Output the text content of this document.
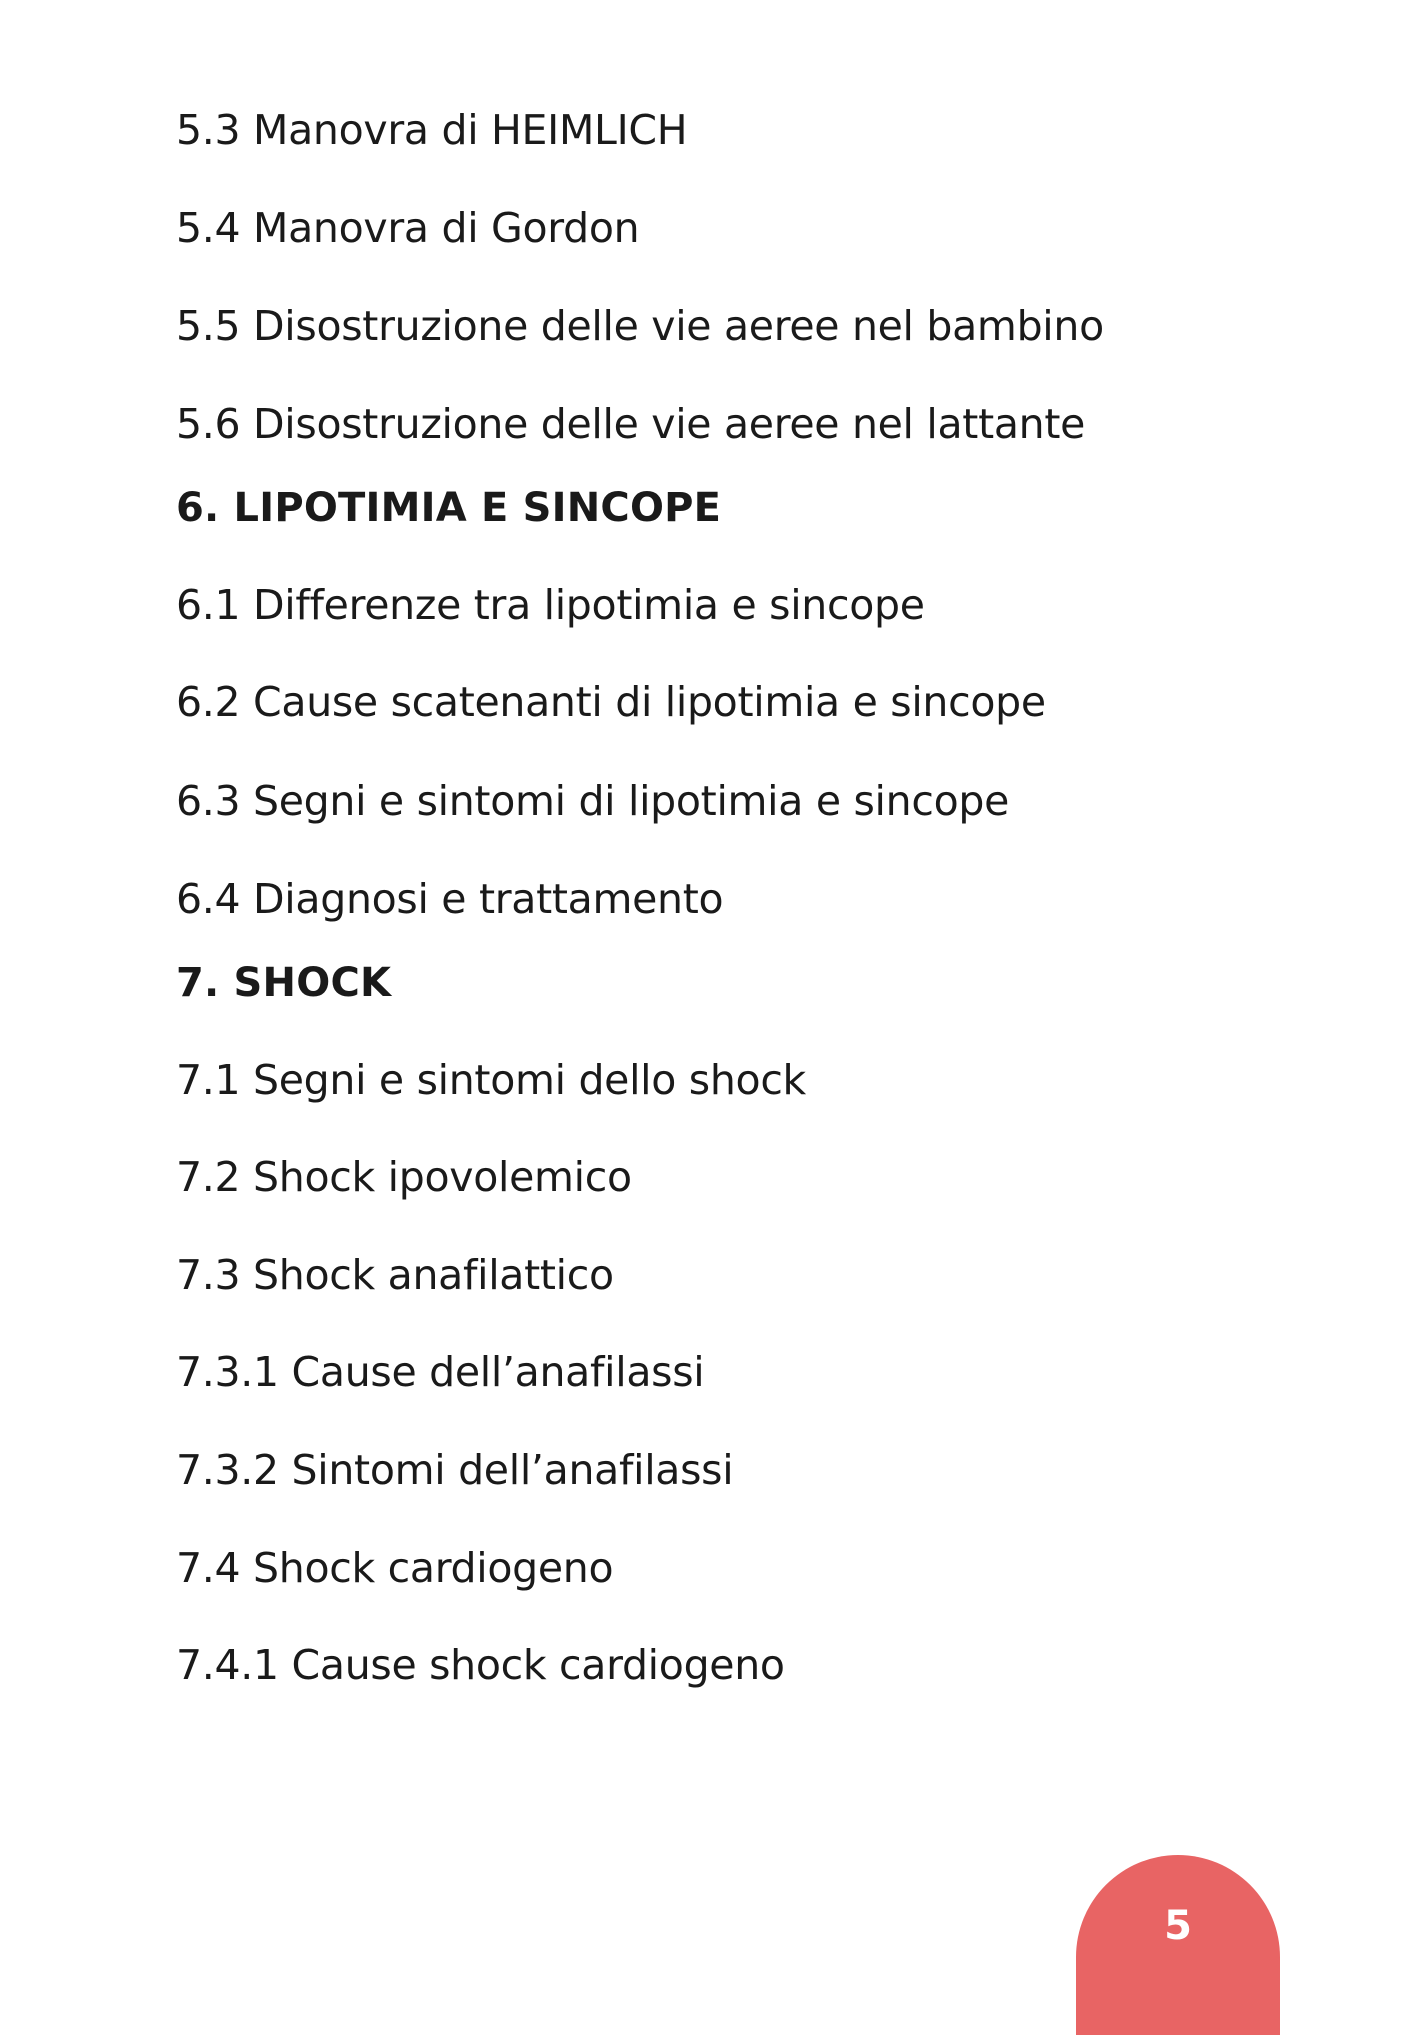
5.3 Manovra di HEIMLICH
5.4 Manovra di Gordon
5.5 Disostruzione delle vie aeree nel bambino
5.6 Disostruzione delle vie aeree nel lattante
6. LIPOTIMIA E SINCOPE
6.1 Differenze tra lipotimia e sincope
6.2 Cause scatenanti di lipotimia e sincope
6.3 Segni e sintomi di lipotimia e sincope
6.4 Diagnosi e trattamento
7. SHOCK
7.1 Segni e sintomi dello shock
7.2 Shock ipovolemico
7.3 Shock anafilattico
7.3.1 Cause dell’anafilassi
7.3.2 Sintomi dell’anafilassi
7.4 Shock cardiogeno
7.4.1 Cause shock cardiogeno
5
